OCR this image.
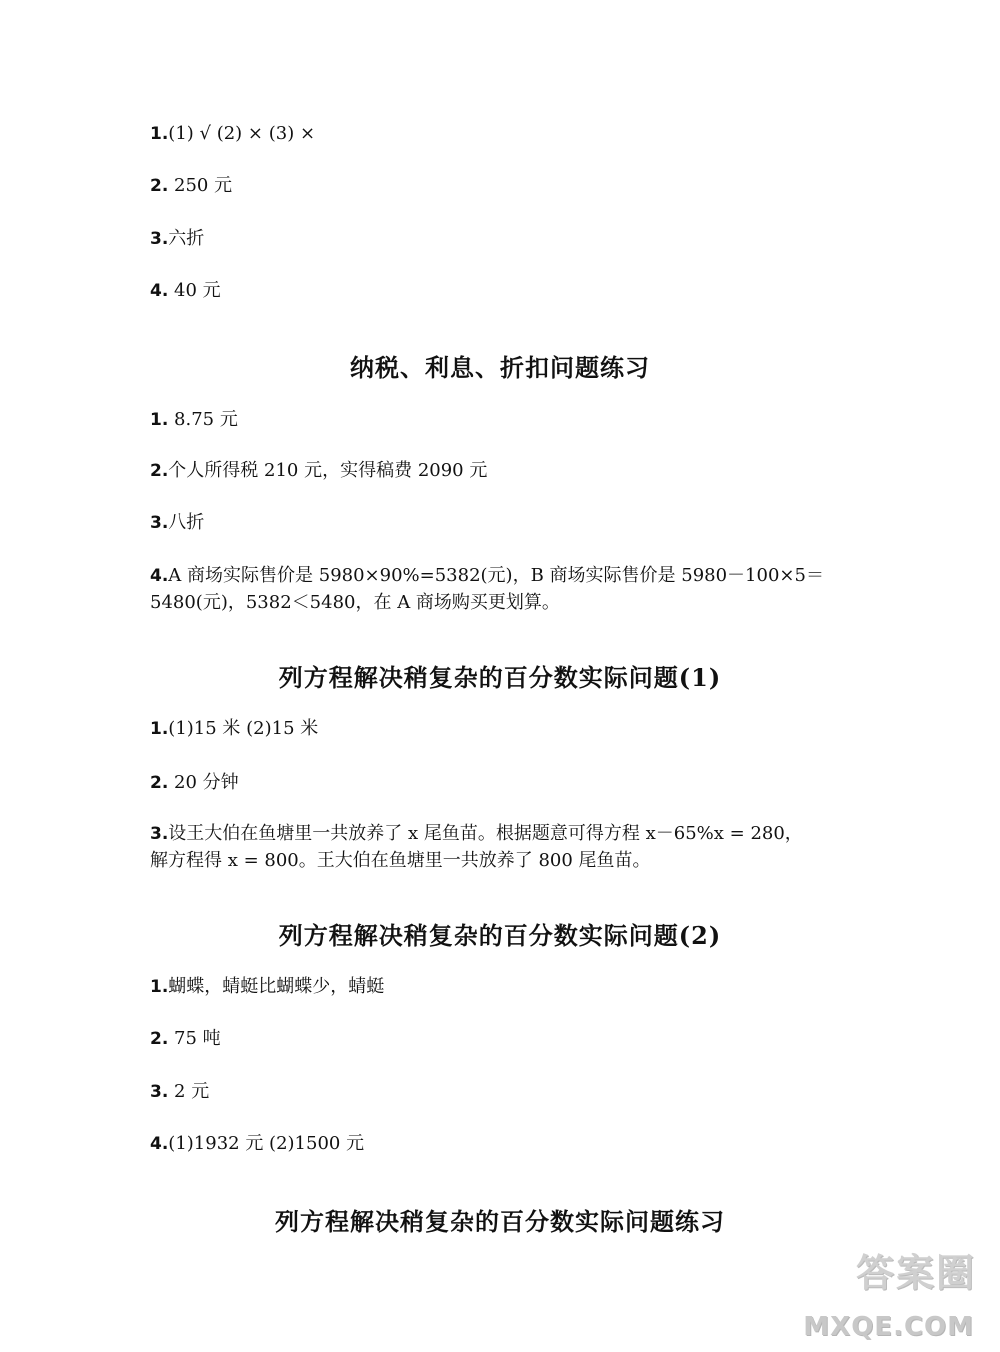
1.(1) √ (2) × (3) ×
2. 250 元
3.六折
4. 40 元
纳税、利息、折扣问题练习
1. 8.75 元
2.个人所得税 210 元，实得稿费 2090 元
3.八折
4.A 商场实际售价是 5980×90%=5382(元)，B 商场实际售价是 5980－100×5＝
5480(元)，5382＜5480，在 A 商场购买更划算。
列方程解决稍复杂的百分数实际问题(1)
1.(1)15 米 (2)15 米
2. 20 分钟
3.设王大伯在鱼塘里一共放养了 x 尾鱼苗。根据题意可得方程 x－65%x = 280，
解方程得 x = 800。王大伯在鱼塘里一共放养了 800 尾鱼苗。
列方程解决稍复杂的百分数实际问题(2)
1.蝴蝶，蜻蜓比蝴蝶少，蜻蜓
2. 75 吨
3. 2 元
4.(1)1932 元 (2)1500 元
列方程解决稍复杂的百分数实际问题练习
答案圈
MXQE.COM
